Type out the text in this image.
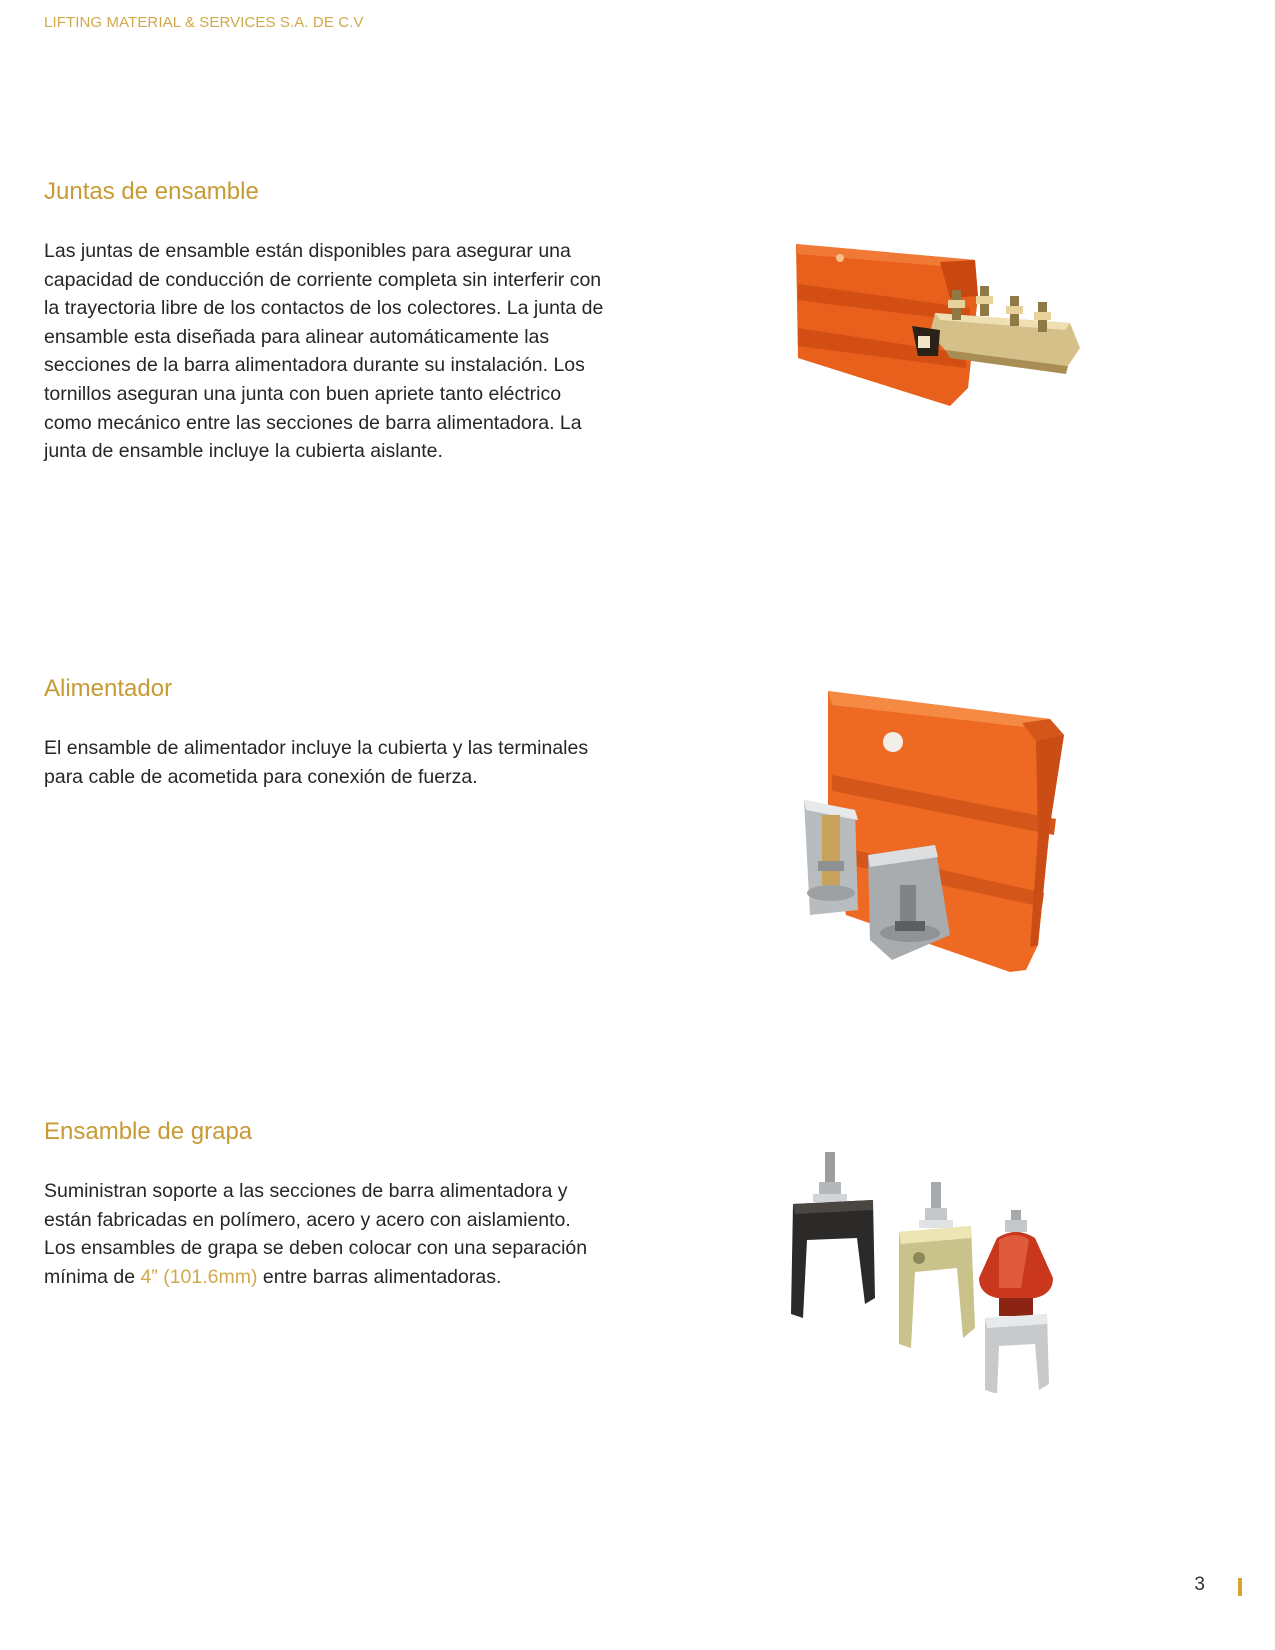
LIFTING MATERIAL & SERVICES S.A. DE C.V
Juntas de ensamble

Las juntas de ensamble están disponibles para asegurar una capacidad de conducción de corriente completa sin interferir con la trayectoria libre de los contactos de los colectores. La junta de ensamble esta diseñada para alinear automáticamente las secciones de la barra alimentadora durante su instalación. Los tornillos aseguran una junta con buen apriete tanto eléctrico como mecánico entre las secciones de barra alimentadora. La junta de ensamble incluye la cubierta aislante.

Alimentador

El ensamble de alimentador incluye la cubierta y las terminales para cable de acometida para conexión de fuerza.

Ensamble de grapa

Suministran soporte a las secciones de barra alimentadora y están fabricadas en polímero, acero y acero con aislamiento. Los ensambles de grapa se deben colocar con una separación mínima de 4” (101.6mm) entre barras alimentadoras.

3
